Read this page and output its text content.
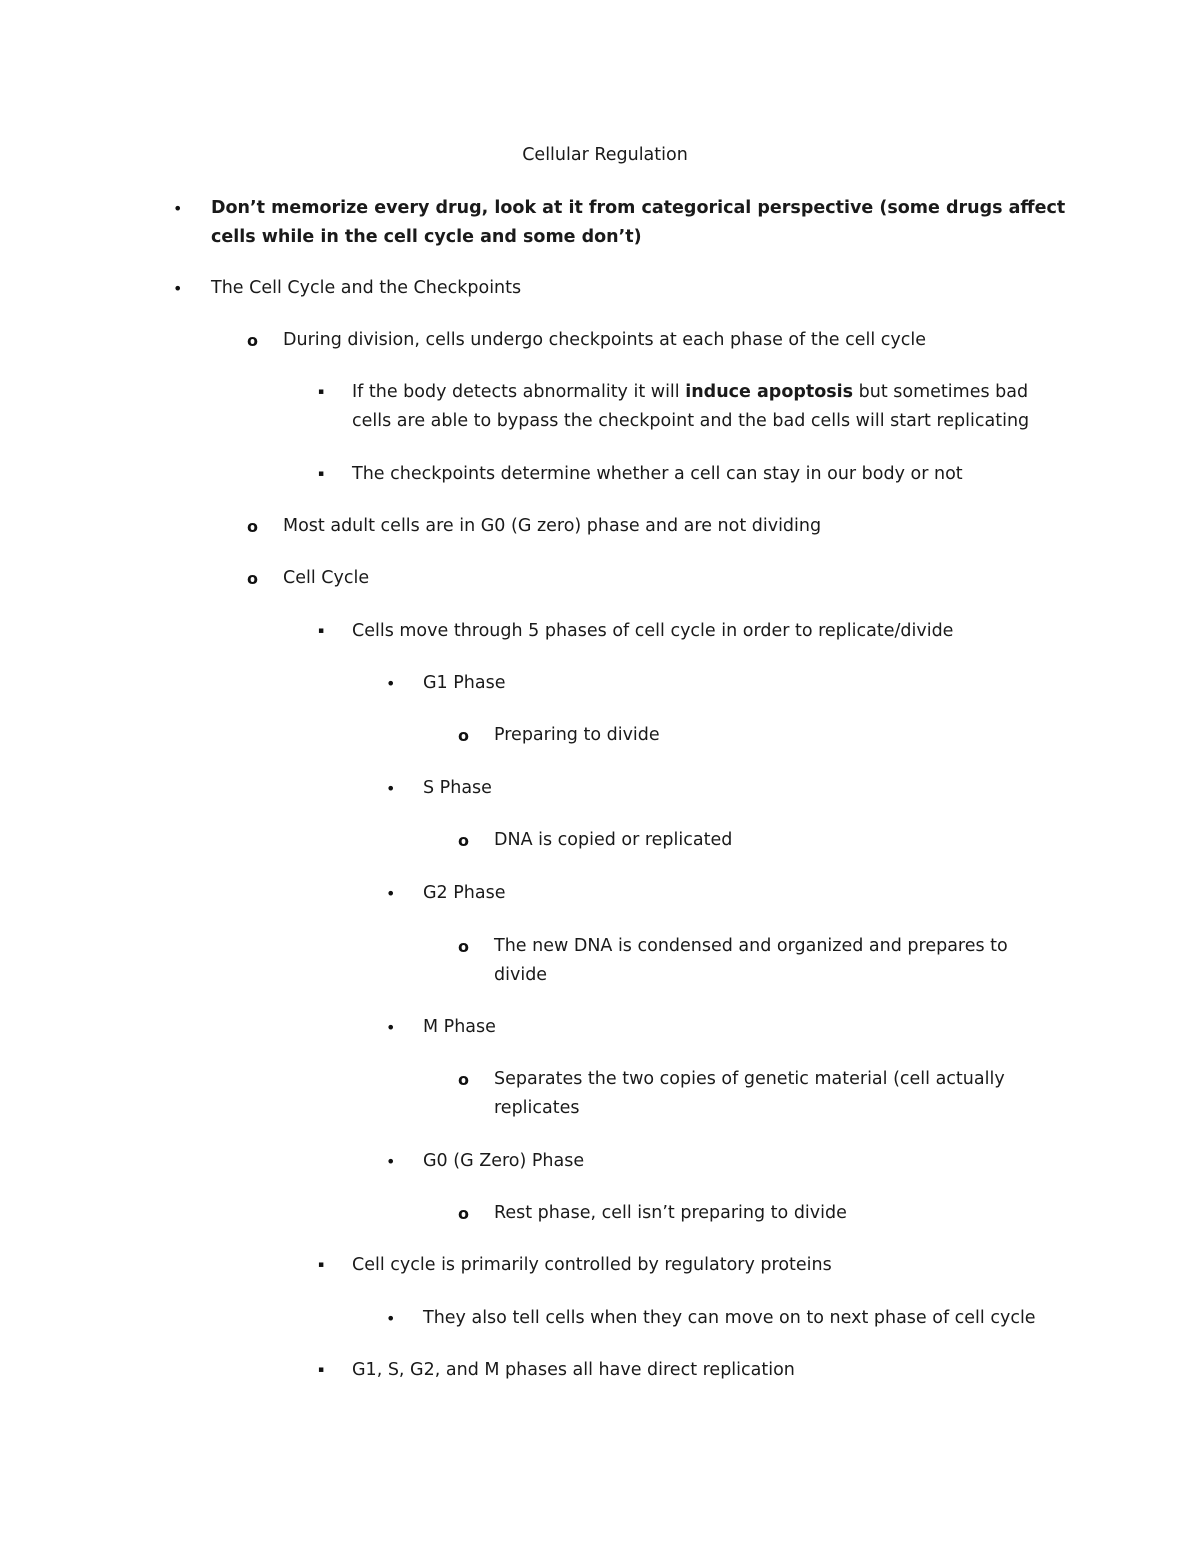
Cellular Regulation
• Don’t memorize every drug, look at it from categorical perspective (some drugs affect cells while in the cell cycle and some don’t)
• The Cell Cycle and the Checkpoints
o During division, cells undergo checkpoints at each phase of the cell cycle
▪ If the body detects abnormality it will induce apoptosis but sometimes bad cells are able to bypass the checkpoint and the bad cells will start replicating
▪ The checkpoints determine whether a cell can stay in our body or not
o Most adult cells are in G0 (G zero) phase and are not dividing
o Cell Cycle
▪ Cells move through 5 phases of cell cycle in order to replicate/divide
• G1 Phase
o Preparing to divide
• S Phase
o DNA is copied or replicated
• G2 Phase
o The new DNA is condensed and organized and prepares to divide
• M Phase
o Separates the two copies of genetic material (cell actually replicates
• G0 (G Zero) Phase
o Rest phase, cell isn’t preparing to divide
▪ Cell cycle is primarily controlled by regulatory proteins
• They also tell cells when they can move on to next phase of cell cycle
▪ G1, S, G2, and M phases all have direct replication
